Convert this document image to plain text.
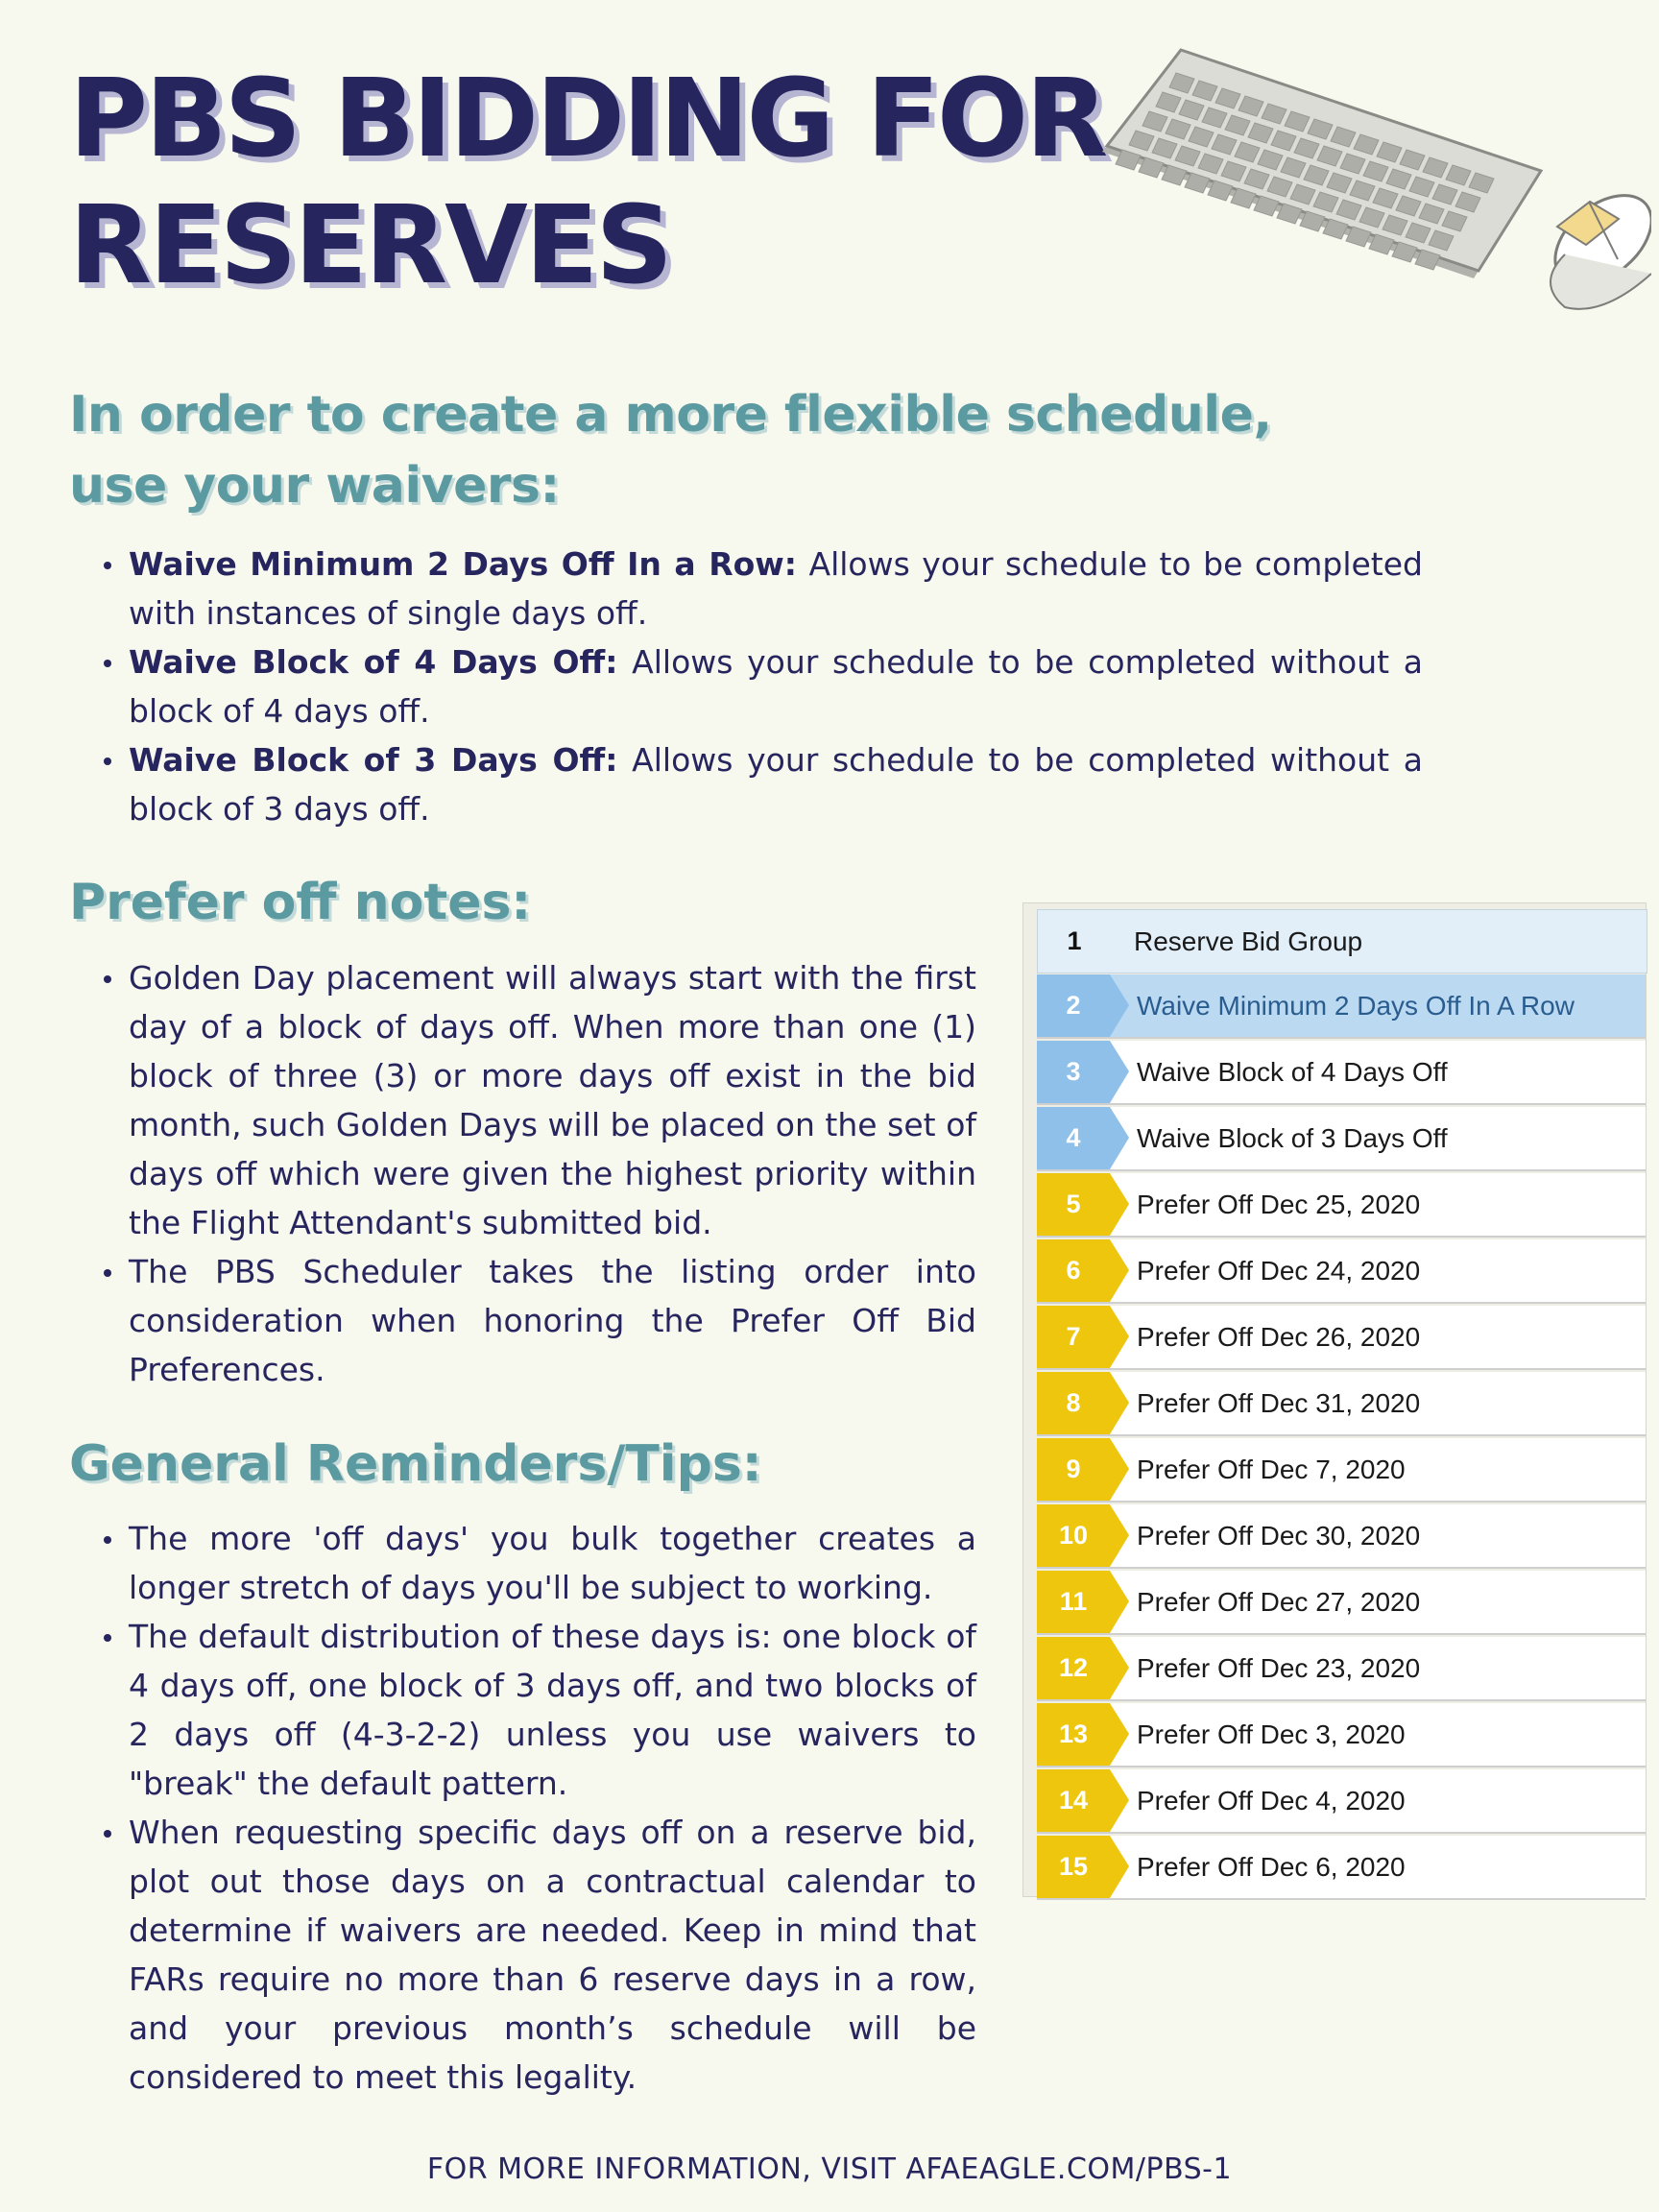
PBS BIDDING FOR
RESERVES
In order to create a more flexible schedule,
use your waivers:
Waive Minimum 2 Days Off In a Row: Allows your schedule to be completed with instances of single days off.
Waive Block of 4 Days Off: Allows your schedule to be completed without a block of 4 days off.
Waive Block of 3 Days Off: Allows your schedule to be completed without a block of 3 days off.
Prefer off notes:
Golden Day placement will always start with the first day of a block of days off. When more than one (1) block of three (3) or more days off exist in the bid month, such Golden Days will be placed on the set of days off which were given the highest priority within the Flight Attendant's submitted bid.
The PBS Scheduler takes the listing order into consideration when honoring the Prefer Off Bid Preferences.
General Reminders/Tips:
The more 'off days' you bulk together creates a longer stretch of days you'll be subject to working.
The default distribution of these days is: one block of 4 days off, one block of 3 days off, and two blocks of 2 days off (4-3-2-2) unless you use waivers to "break" the default pattern.
When requesting specific days off on a reserve bid, plot out those days on a contractual calendar to determine if waivers are needed. Keep in mind that FARs require no more than 6 reserve days in a row, and your previous month’s schedule will be considered to meet this legality.
1	Reserve Bid Group
2	Waive Minimum 2 Days Off In A Row
3	Waive Block of 4 Days Off
4	Waive Block of 3 Days Off
5	Prefer Off Dec 25, 2020
6	Prefer Off Dec 24, 2020
7	Prefer Off Dec 26, 2020
8	Prefer Off Dec 31, 2020
9	Prefer Off Dec 7, 2020
10	Prefer Off Dec 30, 2020
11	Prefer Off Dec 27, 2020
12	Prefer Off Dec 23, 2020
13	Prefer Off Dec 3, 2020
14	Prefer Off Dec 4, 2020
15	Prefer Off Dec 6, 2020
FOR MORE INFORMATION, VISIT AFAEAGLE.COM/PBS-1
